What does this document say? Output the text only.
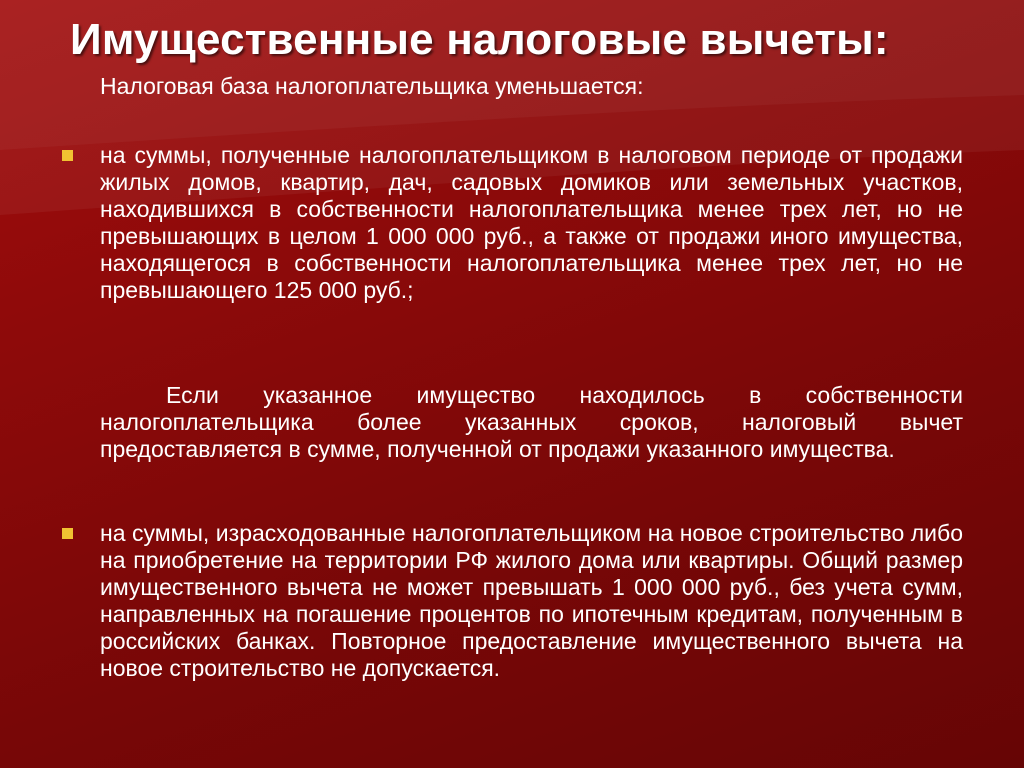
Имущественные налоговые вычеты:

Налоговая база налогоплательщика уменьшается:

на суммы, полученные налогоплательщиком в налоговом периоде от продажи жилых домов, квартир, дач, садовых домиков или земельных участков, находившихся в собственности налогоплательщика менее трех лет, но не превышающих в целом 1 000 000 руб., а также от продажи иного имущества, находящегося в собственности налогоплательщика менее трех лет, но не превышающего 125 000 руб.;

Если указанное имущество находилось в собственности налогоплательщика более указанных сроков, налоговый вычет предоставляется в сумме, полученной от продажи указанного имущества.

на суммы, израсходованные налогоплательщиком на новое строительство либо на приобретение на территории РФ жилого дома или квартиры. Общий размер имущественного вычета не может превышать 1 000 000 руб., без учета сумм, направленных на погашение процентов по ипотечным кредитам, полученным в российских банках. Повторное предоставление имущественного вычета на новое строительство не допускается.
